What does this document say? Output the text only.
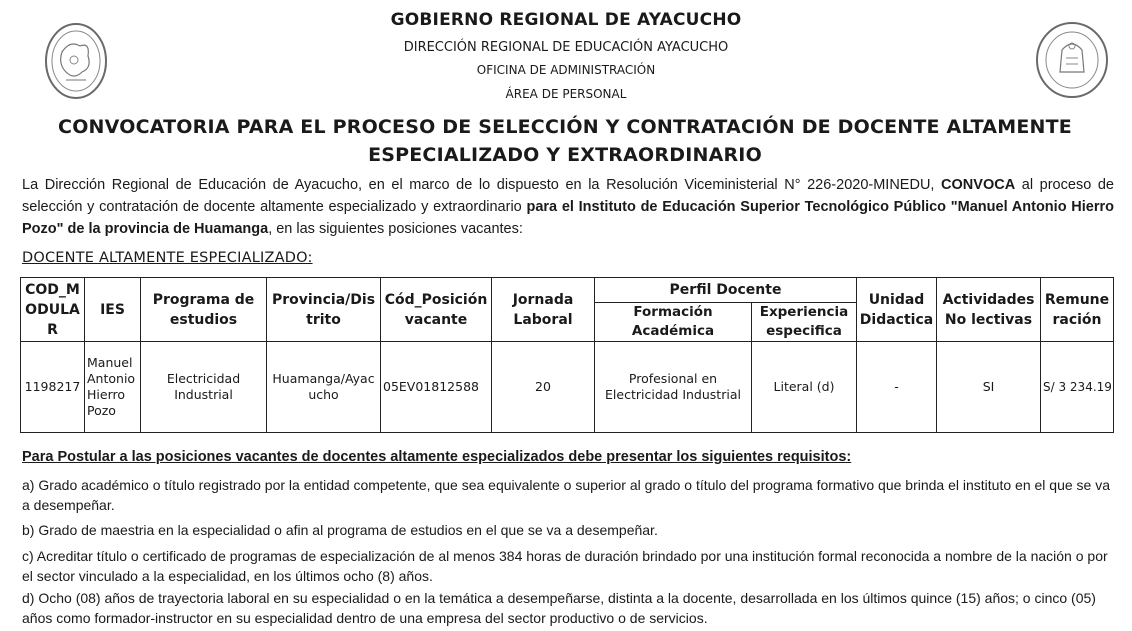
GOBIERNO REGIONAL DE AYACUCHO
DIRECCIÓN REGIONAL DE EDUCACIÓN AYACUCHO
OFICINA DE ADMINISTRACIÓN
ÁREA DE PERSONAL
CONVOCATORIA PARA EL PROCESO DE SELECCIÓN Y CONTRATACIÓN DE DOCENTE ALTAMENTE
ESPECIALIZADO Y EXTRAORDINARIO
La Dirección Regional de Educación de Ayacucho, en el marco de lo dispuesto en la Resolución Viceministerial N° 226-2020-MINEDU, CONVOCA al proceso de selección y contratación de docente altamente especializado y extraordinario para el Instituto de Educación Superior Tecnológico Público "Manuel Antonio Hierro Pozo" de la provincia de Huamanga, en las siguientes posiciones vacantes:
DOCENTE ALTAMENTE ESPECIALIZADO:
COD_MODULAR	IES	Programa de estudios	Provincia/Distrito	Cód_Posición vacante	Jornada Laboral	Perfil Docente		Unidad Didactica	Actividades No lectivas	Remuneración
						Formación Académica	Experiencia especifica			
1198217	Manuel Antonio Hierro Pozo	Electricidad Industrial	Huamanga/Ayacucho	05EV01812588	20	Profesional en Electricidad Industrial	Literal (d)	-	SI	S/ 3 234.19
Para Postular a las posiciones vacantes de docentes altamente especializados debe presentar los siguientes requisitos:
a) Grado académico o título registrado por la entidad competente, que sea equivalente o superior al grado o título del programa formativo que brinda el instituto en el que se va a desempeñar.
b) Grado de maestria en la especialidad o afin al programa de estudios en el que se va a desempeñar.
c) Acreditar título o certificado de programas de especialización de al menos 384 horas de duración brindado por una institución formal reconocida a nombre de la nación o por el sector vinculado a la especialidad, en los últimos ocho (8) años.
d) Ocho (08) años de trayectoria laboral en su especialidad o en la temática a desempeñarse, distinta a la docente, desarrollada en los últimos quince (15) años; o cinco (05) años como formador-instructor en su especialidad dentro de una empresa del sector productivo o de servicios.
